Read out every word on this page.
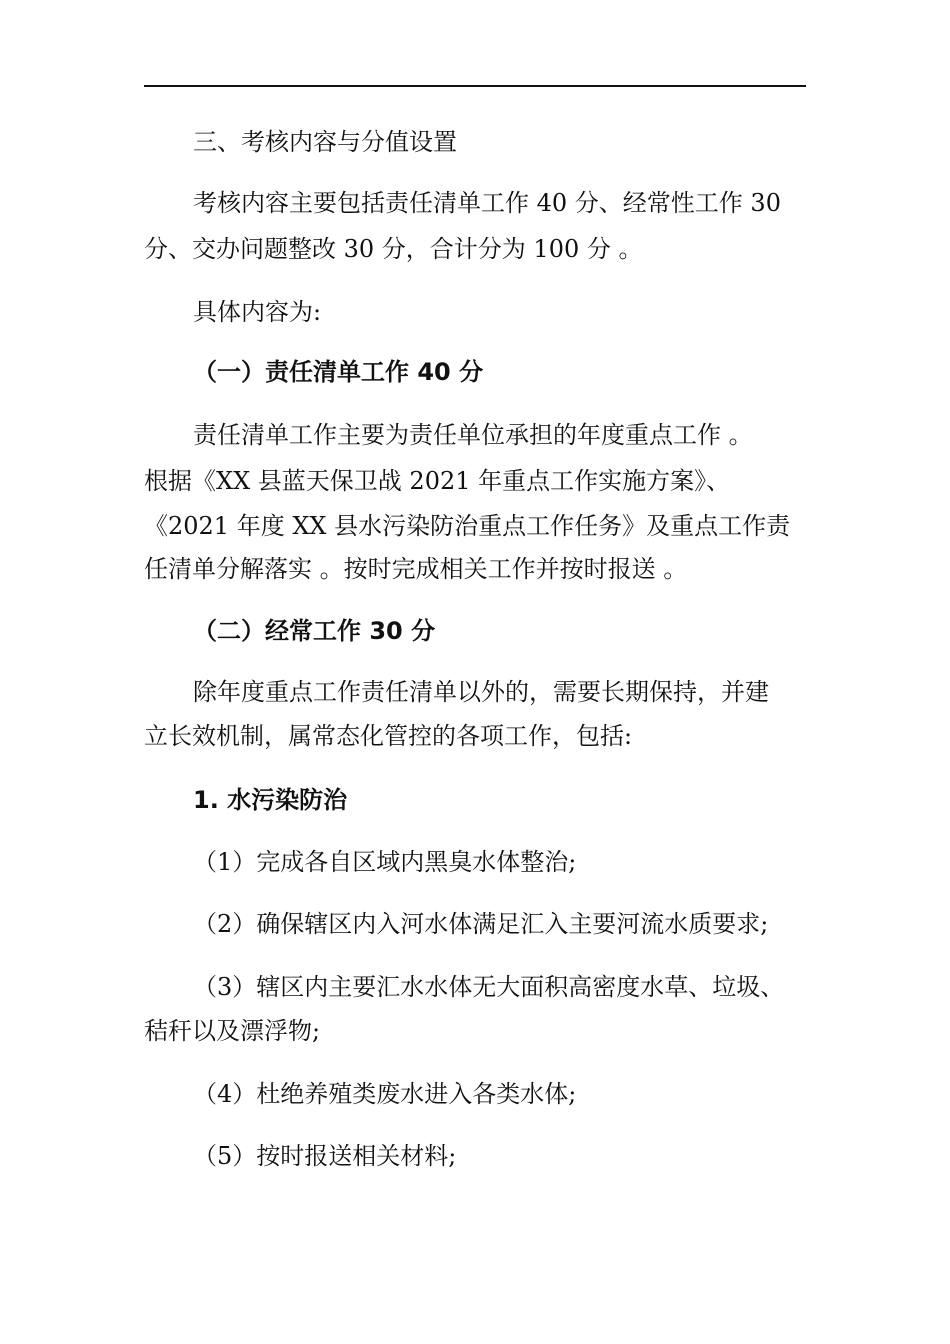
三、考核内容与分值设置
考核内容主要包括责任清单工作 40 分、经常性工作 30
分、交办问题整改 30 分，合计分为 100 分 。
具体内容为:
（一）责任清单工作 40 分
责任清单工作主要为责任单位承担的年度重点工作 。
根据《XX 县蓝天保卫战 2021 年重点工作实施方案》、
《2021 年度 XX 县水污染防治重点工作任务》及重点工作责
任清单分解落实 。按时完成相关工作并按时报送 。
（二）经常工作 30 分
除年度重点工作责任清单以外的，需要长期保持，并建
立长效机制，属常态化管控的各项工作，包括:
1. 水污染防治
（1）完成各自区域内黑臭水体整治;
（2）确保辖区内入河水体满足汇入主要河流水质要求;
（3）辖区内主要汇水水体无大面积高密度水草、垃圾、
秸秆以及漂浮物;
（4）杜绝养殖类废水进入各类水体;
（5）按时报送相关材料;
